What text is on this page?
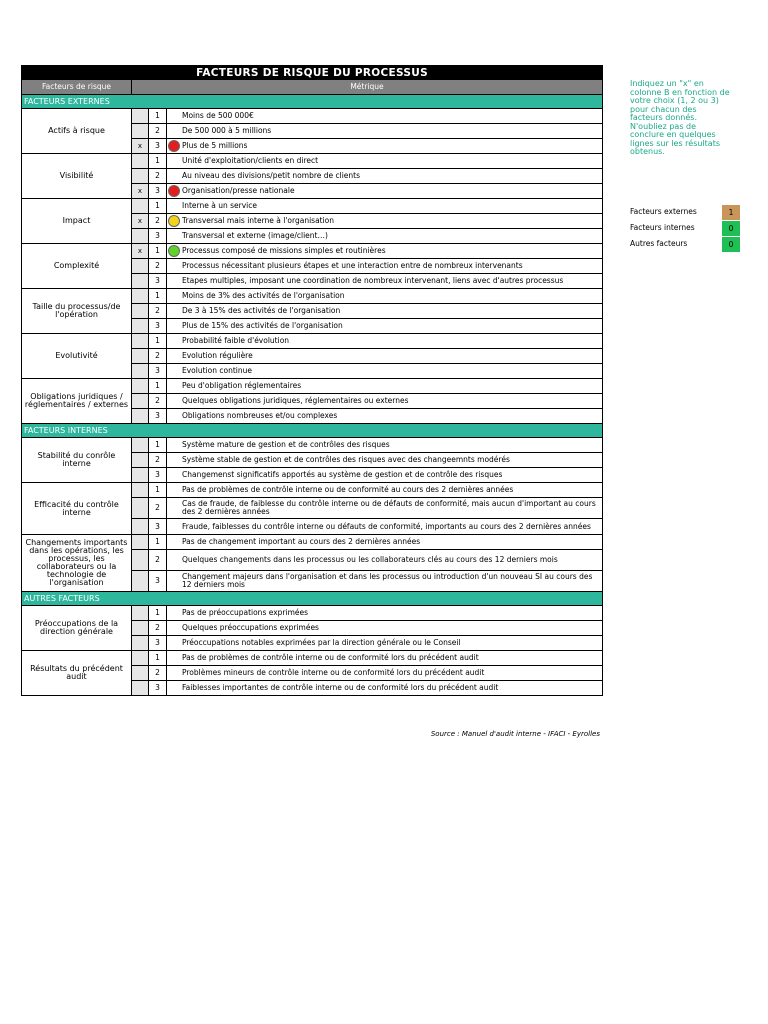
FACTEURS DE RISQUE DU PROCESSUS			
Facteurs de risque	Métrique		
FACTEURS EXTERNES			
Actifs à risque		1	Moins de 500 000€
		2	De 500 000 à 5 millions
	x	3	Plus de 5 millions
Visibilité		1	Unité d'exploitation/clients en direct
		2	Au niveau des divisions/petit nombre de clients
	x	3	Organisation/presse nationale
Impact		1	Interne à un service
	x	2	Transversal mais interne à l'organisation
		3	Transversal et externe (image/client…)
Complexité	x	1	Processus composé de missions simples et routinières
		2	Processus nécessitant plusieurs étapes et une interaction entre de nombreux intervenants
		3	Etapes multiples, imposant une coordination de nombreux intervenant, liens avec d'autres processus
Taille du processus/de l'opération		1	Moins de 3% des activités de l'organisation
		2	De 3 à 15% des activités de l'organisation
		3	Plus de 15% des activités de l'organisation
Evolutivité		1	Probabilité faible d'évolution
		2	Evolution régulière
		3	Evolution continue
Obligations juridiques / réglementaires / externes		1	Peu d'obligation réglementaires
		2	Quelques obligations juridiques, réglementaires ou externes
		3	Obligations nombreuses et/ou complexes
FACTEURS INTERNES			
Stabilité du conrôle interne		1	Système mature de gestion et de contrôles des risques
		2	Système stable de gestion et de contrôles des risques avec des changeemnts modérés
		3	Changemenst significatifs apportés au système de gestion et de contrôle des risques
Efficacité du contrôle interne		1	Pas de problèmes de contrôle interne ou de conformité au cours des 2 dernières années
		2	Cas de fraude, de faiblesse du contrôle interne ou de défauts de conformité, mais aucun d'important au cours des 2 dernières années
		3	Fraude, faiblesses du contrôle interne ou défauts de conformité, importants au cours des 2 dernières années
Changements importants dans les opérations, les processus, les collaborateurs ou la technologie de l'organisation		1	Pas de changement important au cours des 2 dernières années
		2	Quelques changements dans les processus ou les collaborateurs clés au cours des 12 derniers mois
		3	Changement majeurs dans l'organisation et dans les processus ou introduction d'un nouveau SI au cours des 12 derniers mois
AUTRES FACTEURS			
Préoccupations de la direction générale		1	Pas de préoccupations exprimées
		2	Quelques préoccupations exprimées
		3	Préoccupations notables exprimées par la direction générale ou le Conseil
Résultats du précédent audit		1	Pas de problèmes de contrôle interne ou de conformité lors du précédent audit
		2	Problèmes mineurs de contrôle interne ou de conformité lors du précédent audit
		3	Faiblesses importantes de contrôle interne ou de conformité lors du précédent audit
Source : Manuel d'audit interne - IFACI - Eyrolles
Indiquez un "x" en colonne B en fonction de votre choix (1, 2 ou 3) pour chacun des facteurs donnés. N'oubliez pas de conclure en quelques lignes sur les résultats obtenus.
Facteurs externes	1
Facteurs internes	0
Autres facteurs	0
